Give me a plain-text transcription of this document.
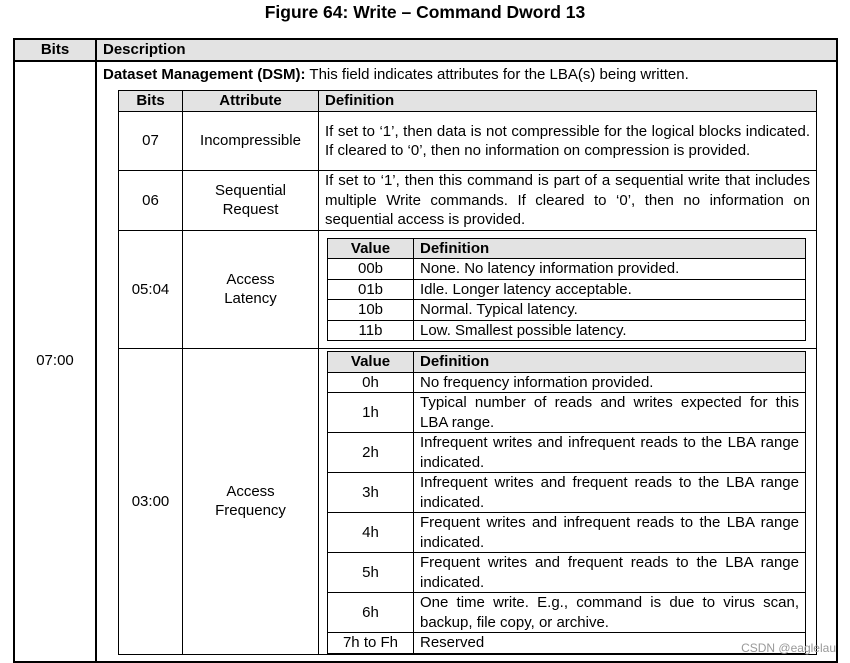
Figure 64: Write – Command Dword 13
Bits	Description
07:00	
Dataset Management (DSM): This field indicates attributes for the LBA(s) being written.
Bits	Attribute	Definition
07	Incompressible	If set to ‘1’, then data is not compressible for the logical blocks indicated. If cleared to ‘0’, then no information on compression is provided.
06	Sequential Request	If set to ‘1’, then this command is part of a sequential write that includes multiple Write commands. If cleared to ‘0’, then no information on sequential access is provided.
05:04	Access Latency	
Value	Definition
00b	None. No latency information provided.
01b	Idle. Longer latency acceptable.
10b	Normal. Typical latency.
11b	Low. Smallest possible latency.

03:00	Access Frequency	
Value	Definition
0h	No frequency information provided.
1h	Typical number of reads and writes expected for this LBA range.
2h	Infrequent writes and infrequent reads to the LBA range indicated.
3h	Infrequent writes and frequent reads to the LBA range indicated.
4h	Frequent writes and infrequent reads to the LBA range indicated.
5h	Frequent writes and frequent reads to the LBA range indicated.
6h	One time write. E.g., command is due to virus scan, backup, file copy, or archive.
7h to Fh	Reserved	CSDN @eaglelau
